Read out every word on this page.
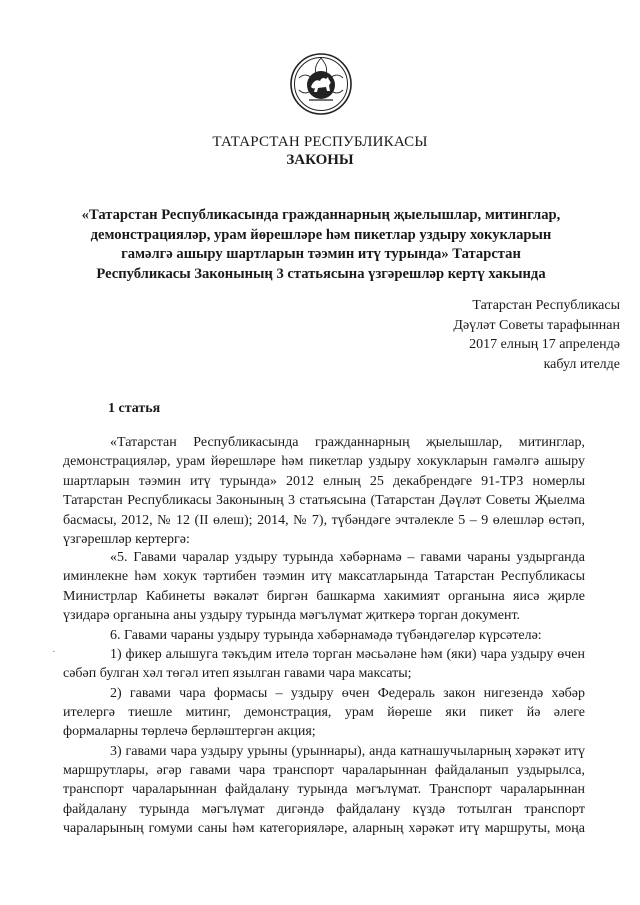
ТАТАРСТАН РЕСПУБЛИКАСЫ
ЗАКОНЫ
«Татарстан Республикасында гражданнарның җыелышлар, митинглар, демонстрацияләр, урам йөрешләре һәм пикетлар уздыру хокукларын гамәлгә ашыру шартларын тәэмин итү турында» Татарстан Республикасы Законының 3 статьясына үзгәрешләр кертү хакында
Татарстан Республикасы
Дәүләт Советы тарафыннан
2017 елның 17 апрелендә
кабул ителде
1 статья

«Татарстан Республикасында гражданнарның җыелышлар, митинглар, демонстрацияләр, урам йөрешләре һәм пикетлар уздыру хокукларын гамәлгә ашыру шартларын тәэмин итү турында» 2012 елның 25 декабрендәге 91-ТРЗ номерлы Татарстан Республикасы Законының 3 статьясына (Татарстан Дәүләт Советы Җыелма басмасы, 2012, № 12 (II өлеш); 2014, № 7), түбәндәге эчтәлекле 5 – 9 өлешләр өстәп, үзгәрешләр кертергә:

«5. Гавами чаралар уздыру турында хәбәрнамә – гавами чараны уздырганда иминлекне һәм хокук тәртибен тәэмин итү максатларында Татарстан Республикасы Министрлар Кабинеты вәкаләт биргән башкарма хакимият органына яисә җирле үзидарә органына аны уздыру турында мәгълүмат җиткерә торган документ.

6. Гавами чараны уздыру турында хәбәрнамәдә түбәндәгеләр күрсәтелә:
1) фикер алышуга тәкъдим ителә торган мәсьәләне һәм (яки) чара уздыру өчен
сәбәп булган хәл төгәл итеп язылган гавами чара максаты;
2) гавами чара формасы – уздыру өчен Федераль закон нигезендә хәбәр
ителергә тиешле митинг, демонстрация, урам йөреше яки пикет йә әлеге
формаларны төрлечә берләштергән акция;
3) гавами чара уздыру урыны (урыннары), анда катнашучыларның хәрәкәт итү
маршрутлары, әгәр гавами чара транспорт чараларыннан файдаланып уздырылса,
транспорт чараларыннан файдалану турында мәгълүмат. Транспорт чараларыннан
файдалану турында мәгълүмат дигәндә файдалану күздә тотылган транспорт
чараларының гомуми саны һәм категорияләре, аларның хәрәкәт итү маршруты, моңа
·
